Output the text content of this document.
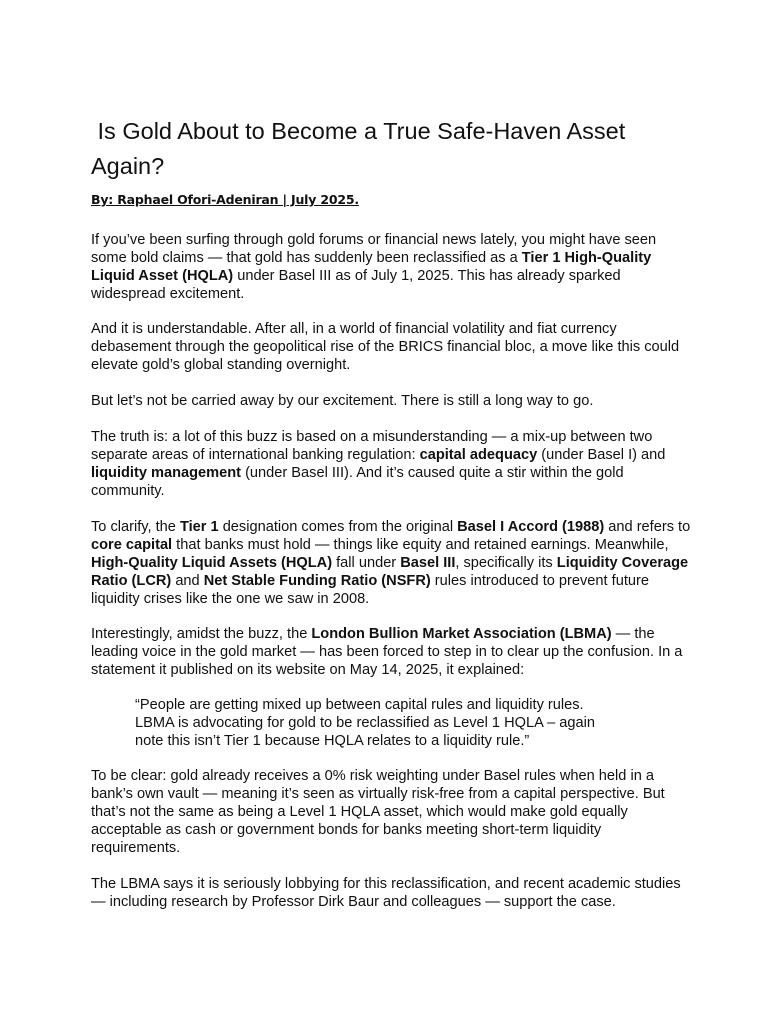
Is Gold About to Become a True Safe-Haven Asset Again?
By: Raphael Ofori-Adeniran | July 2025.

If you’ve been surfing through gold forums or financial news lately, you might have seen some bold claims — that gold has suddenly been reclassified as a Tier 1 High-Quality Liquid Asset (HQLA) under Basel III as of July 1, 2025. This has already sparked widespread excitement.

And it is understandable. After all, in a world of financial volatility and fiat currency debasement through the geopolitical rise of the BRICS financial bloc, a move like this could elevate gold’s global standing overnight.

But let’s not be carried away by our excitement. There is still a long way to go.

The truth is: a lot of this buzz is based on a misunderstanding — a mix-up between two separate areas of international banking regulation: capital adequacy (under Basel I) and liquidity management (under Basel III). And it’s caused quite a stir within the gold community.

To clarify, the Tier 1 designation comes from the original Basel I Accord (1988) and refers to core capital that banks must hold — things like equity and retained earnings. Meanwhile, High-Quality Liquid Assets (HQLA) fall under Basel III, specifically its Liquidity Coverage Ratio (LCR) and Net Stable Funding Ratio (NSFR) rules introduced to prevent future liquidity crises like the one we saw in 2008.

Interestingly, amidst the buzz, the London Bullion Market Association (LBMA) — the leading voice in the gold market — has been forced to step in to clear up the confusion. In a statement it published on its website on May 14, 2025, it explained:

“People are getting mixed up between capital rules and liquidity rules. LBMA is advocating for gold to be reclassified as Level 1 HQLA – again note this isn’t Tier 1 because HQLA relates to a liquidity rule.”

To be clear: gold already receives a 0% risk weighting under Basel rules when held in a bank’s own vault — meaning it’s seen as virtually risk-free from a capital perspective. But that’s not the same as being a Level 1 HQLA asset, which would make gold equally acceptable as cash or government bonds for banks meeting short-term liquidity requirements.

The LBMA says it is seriously lobbying for this reclassification, and recent academic studies — including research by Professor Dirk Baur and colleagues — support the case.
